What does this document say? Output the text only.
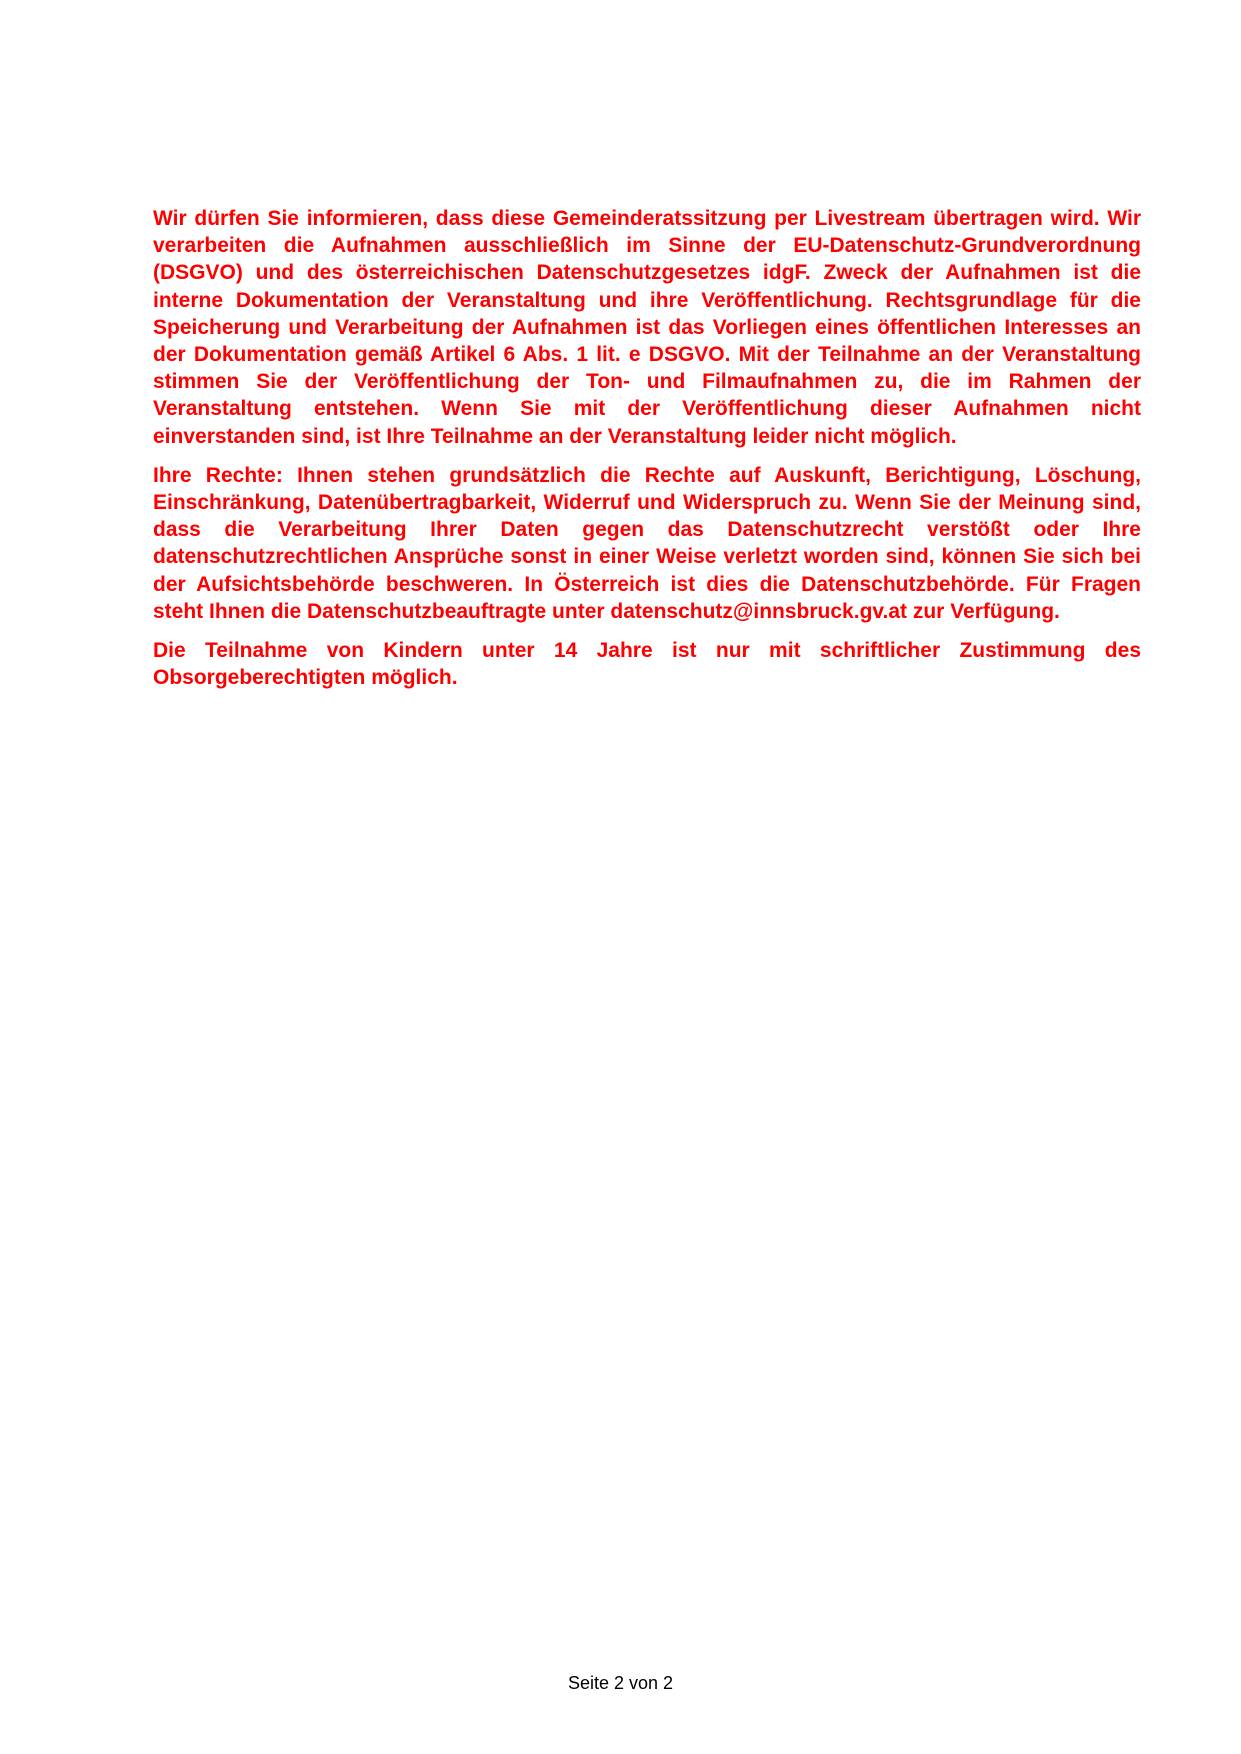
Wir dürfen Sie informieren, dass diese Gemeinderatssitzung per Livestream übertragen wird. Wir verarbeiten die Aufnahmen ausschließlich im Sinne der EU-Datenschutz-Grundverordnung (DSGVO) und des österreichischen Datenschutzgesetzes idgF. Zweck der Aufnahmen ist die interne Dokumentation der Veranstaltung und ihre Veröffentlichung. Rechtsgrundlage für die Speicherung und Verarbeitung der Aufnahmen ist das Vorliegen eines öffentlichen Interesses an der Dokumentation gemäß Artikel 6 Abs. 1 lit. e DSGVO. Mit der Teilnahme an der Veranstaltung stimmen Sie der Veröffentlichung der Ton- und Filmaufnahmen zu, die im Rahmen der Veranstaltung entstehen. Wenn Sie mit der Veröffentlichung dieser Aufnahmen nicht einverstanden sind, ist Ihre Teilnahme an der Veranstaltung leider nicht möglich.

Ihre Rechte: Ihnen stehen grundsätzlich die Rechte auf Auskunft, Berichtigung, Löschung, Einschränkung, Datenübertragbarkeit, Widerruf und Widerspruch zu. Wenn Sie der Meinung sind, dass die Verarbeitung Ihrer Daten gegen das Datenschutzrecht verstößt oder Ihre datenschutzrechtlichen Ansprüche sonst in einer Weise verletzt worden sind, können Sie sich bei der Aufsichtsbehörde beschweren. In Österreich ist dies die Datenschutzbehörde. Für Fragen steht Ihnen die Datenschutzbeauftragte unter datenschutz@innsbruck.gv.at zur Verfügung.

Die Teilnahme von Kindern unter 14 Jahre ist nur mit schriftlicher Zustimmung des Obsorgeberechtigten möglich.

Seite 2 von 2
